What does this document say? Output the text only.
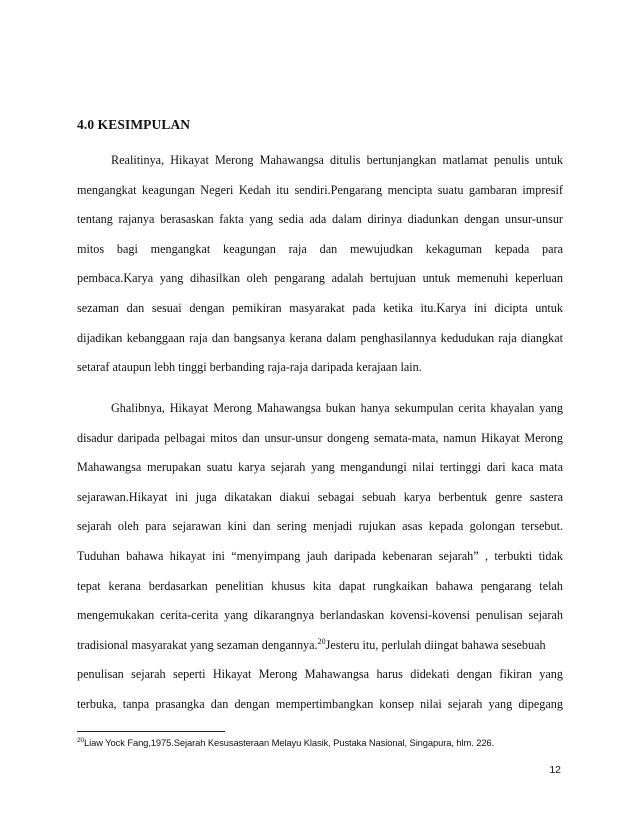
4.0 KESIMPULAN
Realitinya, Hikayat Merong Mahawangsa ditulis bertunjangkan matlamat penulis untuk
mengangkat keagungan Negeri Kedah itu sendiri.Pengarang mencipta suatu gambaran impresif
tentang rajanya berasaskan fakta yang sedia ada dalam dirinya diadunkan dengan unsur-unsur
mitos bagi mengangkat keagungan raja dan mewujudkan kekaguman kepada para
pembaca.Karya yang dihasilkan oleh pengarang adalah bertujuan untuk memenuhi keperluan
sezaman dan sesuai dengan pemikiran masyarakat pada ketika itu.Karya ini dicipta untuk
dijadikan kebanggaan raja dan bangsanya kerana dalam penghasilannya kedudukan raja diangkat
setaraf ataupun lebh tinggi berbanding raja-raja daripada kerajaan lain.
Ghalibnya, Hikayat Merong Mahawangsa bukan hanya sekumpulan cerita khayalan yang
disadur daripada pelbagai mitos dan unsur-unsur dongeng semata-mata, namun Hikayat Merong
Mahawangsa merupakan suatu karya sejarah yang mengandungi nilai tertinggi dari kaca mata
sejarawan.Hikayat ini juga dikatakan diakui sebagai sebuah karya berbentuk genre sastera
sejarah oleh para sejarawan kini dan sering menjadi rujukan asas kepada golongan tersebut.
Tuduhan bahawa hikayat ini “menyimpang jauh daripada kebenaran sejarah” , terbukti tidak
tepat kerana berdasarkan penelitian khusus kita dapat rungkaikan bahawa pengarang telah
mengemukakan cerita-cerita yang dikarangnya berlandaskan kovensi-kovensi penulisan sejarah
tradisional masyarakat yang sezaman dengannya.$^{20}$Jesteru itu, perlulah diingat bahawa sesebuah
penulisan sejarah seperti Hikayat Merong Mahawangsa harus didekati dengan fikiran yang
terbuka, tanpa prasangka dan dengan mempertimbangkan konsep nilai sejarah yang dipegang
$^{20}$Liaw Yock Fang,1975.Sejarah Kesusasteraan Melayu Klasik, Pustaka Nasional, Singapura, hlm. 226.
12
